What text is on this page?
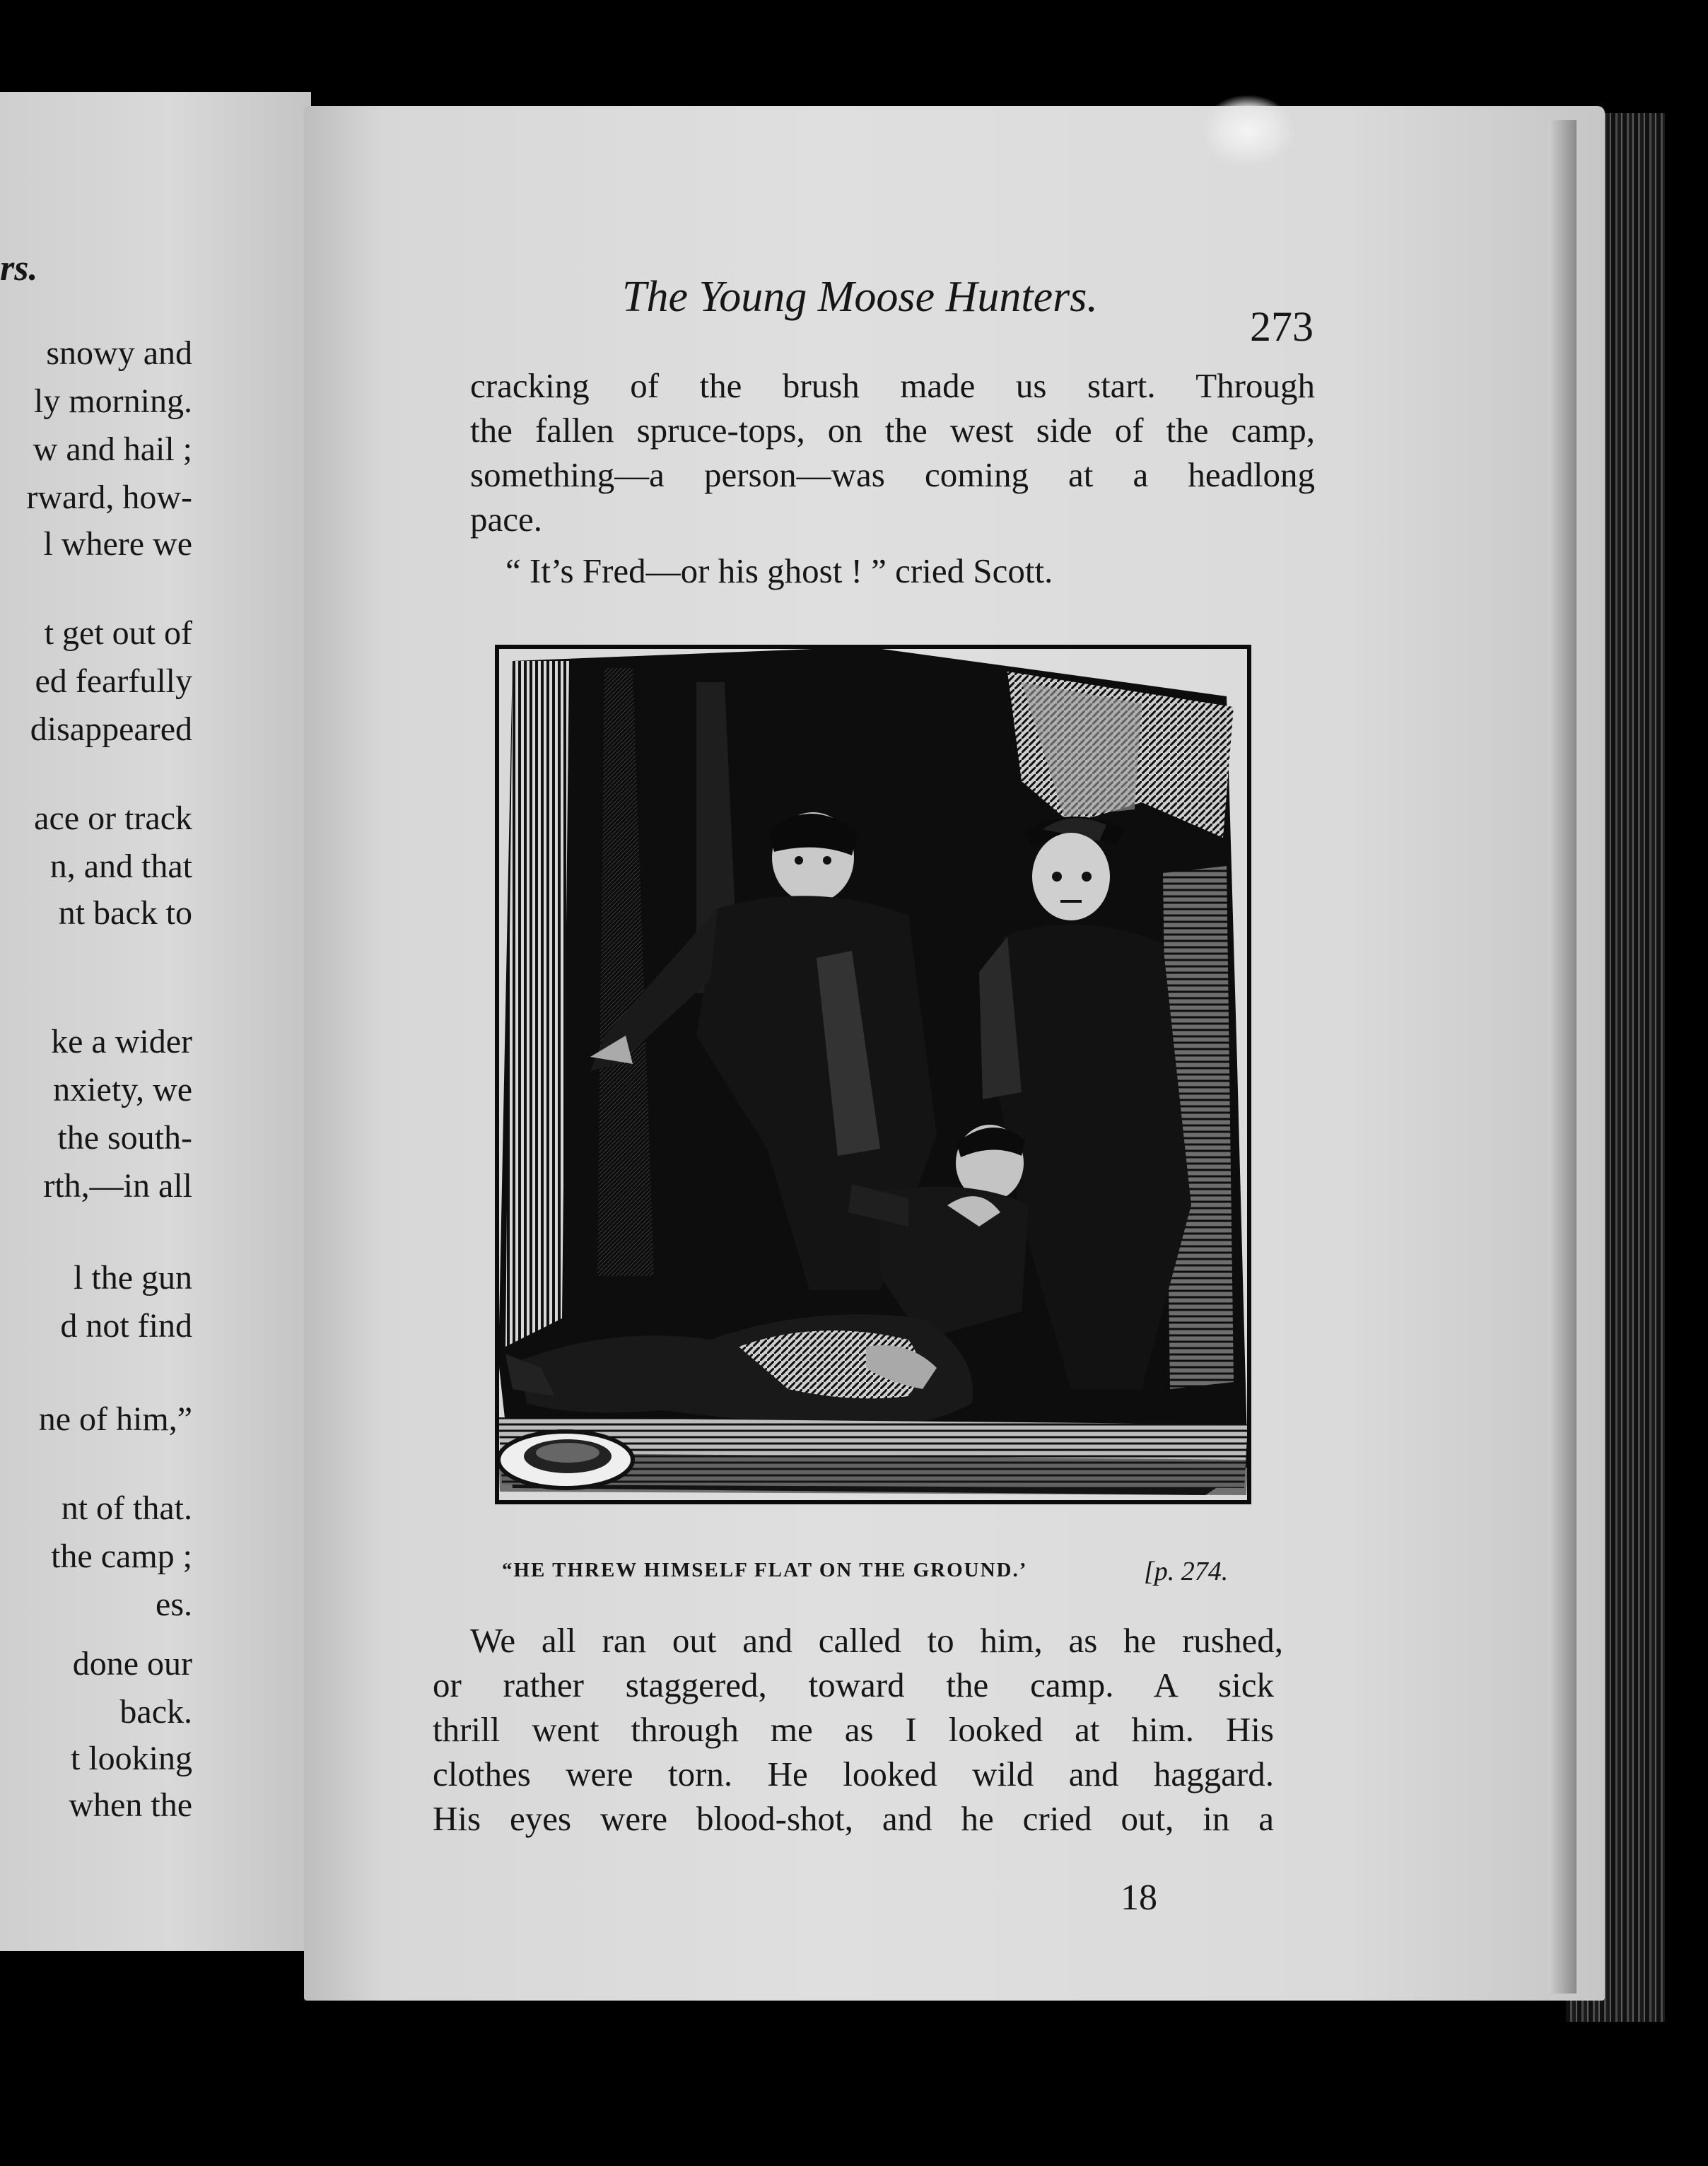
rs.
snowy and
ly morning.
w and hail ;
rward, how-
l where we
t get out of
ed fearfully
disappeared
ace or track
n, and that
nt back to
ke a wider
nxiety, we
the south-
rth,—in all
l the gun
d not find
ne of him,”
nt of that.
the camp ;
es.
done our
back.
t looking
when the
The Young Moose Hunters.
273
cracking of the brush made us start. Through
the fallen spruce-tops, on the west side of the camp,
something—a person—was coming at a headlong
pace.
“ It’s Fred—or his ghost ! ” cried Scott.
“HE THREW HIMSELF FLAT ON THE GROUND.’	[p. 274.
We all ran out and called to him, as he rushed,
or rather staggered, toward the camp. A sick
thrill went through me as I looked at him. His
clothes were torn. He looked wild and haggard.
His eyes were blood-shot, and he cried out, in a
18
